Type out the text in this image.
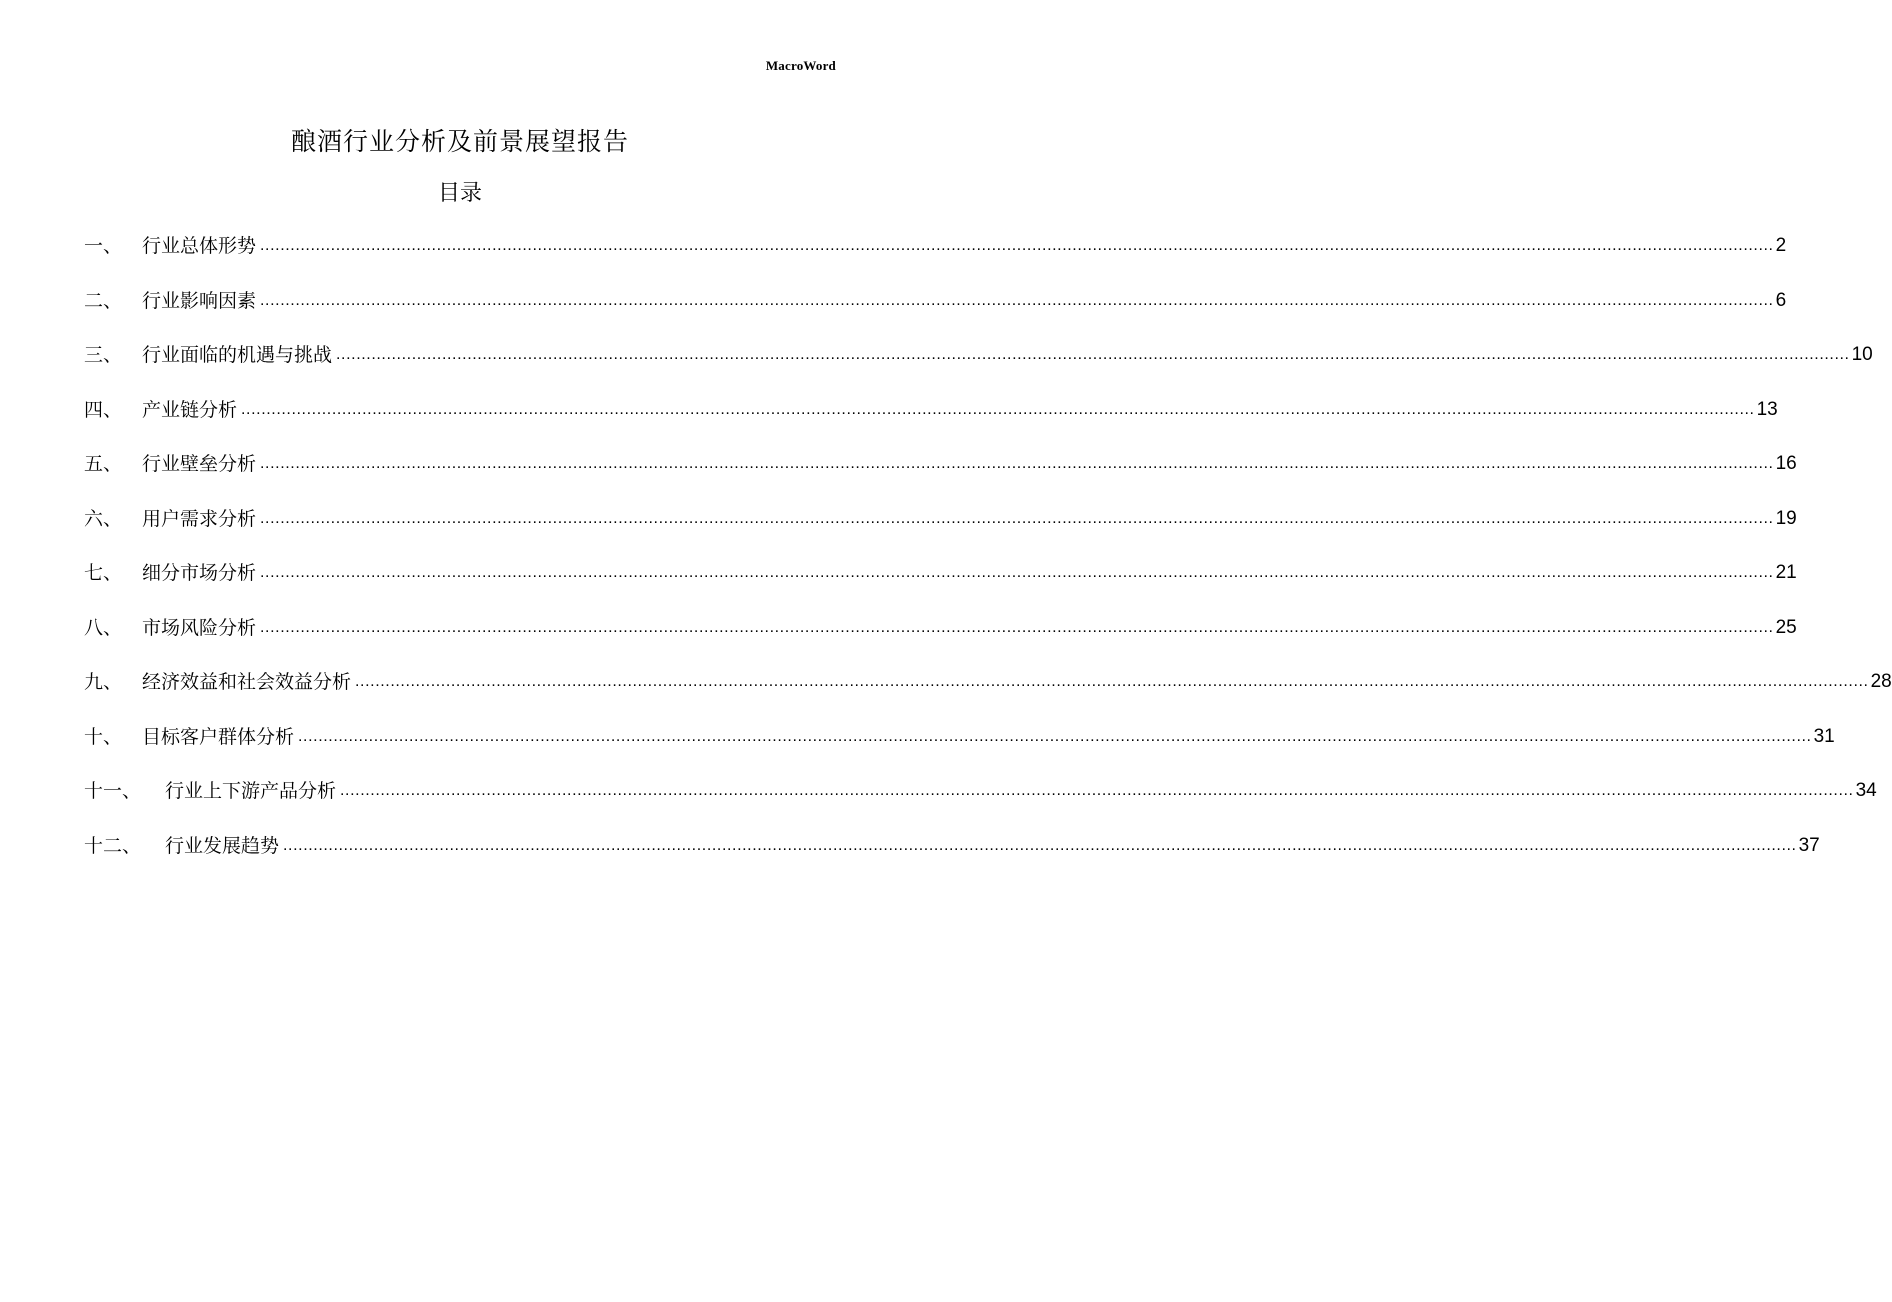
MacroWord
酿酒行业分析及前景展望报告
目录
一、	行业总体形势 ............................................................................................................................................................................................................................................................................................................ 2
二、	行业影响因素 ............................................................................................................................................................................................................................................................................................................ 6
三、	行业面临的机遇与挑战 ............................................................................................................................................................................................................................................................................................................ 10
四、	产业链分析 ............................................................................................................................................................................................................................................................................................................ 13
五、	行业壁垒分析 ............................................................................................................................................................................................................................................................................................................ 16
六、	用户需求分析 ............................................................................................................................................................................................................................................................................................................ 19
七、	细分市场分析 ............................................................................................................................................................................................................................................................................................................ 21
八、	市场风险分析 ............................................................................................................................................................................................................................................................................................................ 25
九、	经济效益和社会效益分析 ............................................................................................................................................................................................................................................................................................................ 28
十、	目标客户群体分析 ............................................................................................................................................................................................................................................................................................................ 31
十一、	行业上下游产品分析 ............................................................................................................................................................................................................................................................................................................ 34
十二、	行业发展趋势 ............................................................................................................................................................................................................................................................................................................ 37
